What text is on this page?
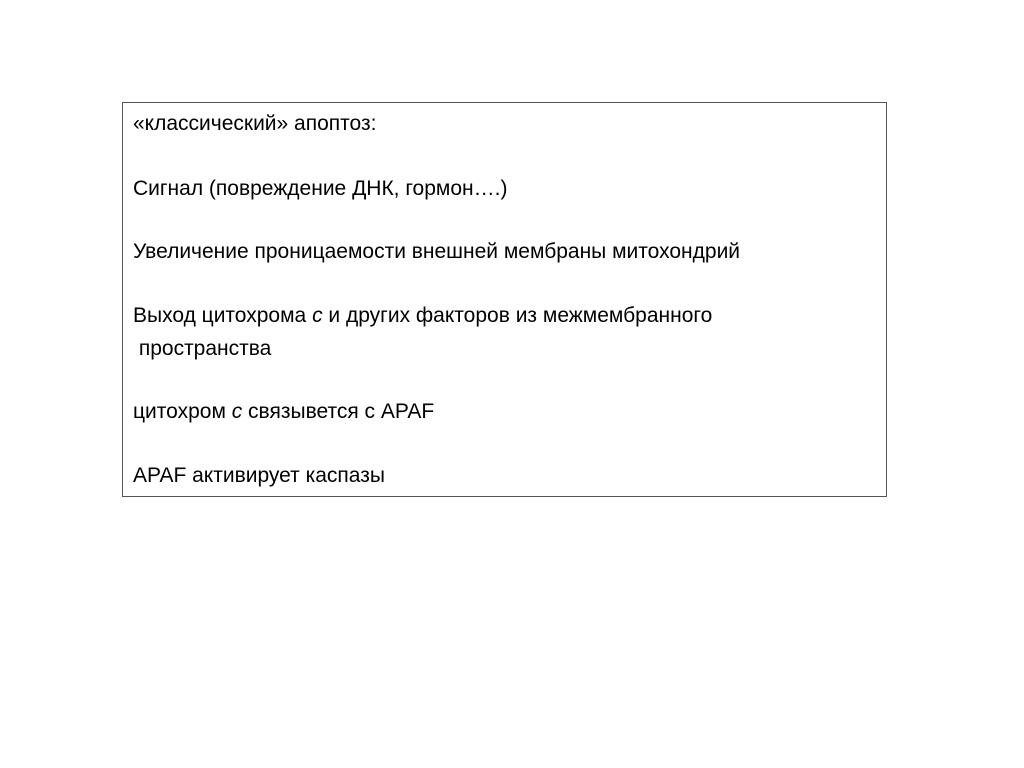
«классический» апоптоз:
Сигнал (повреждение ДНК, гормон….)
Увеличение проницаемости внешней мембраны митохондрий
Выход цитохрома с и других факторов из межмембранного
пространства
цитохром с связывется с APAF
APAF активирует каспазы
